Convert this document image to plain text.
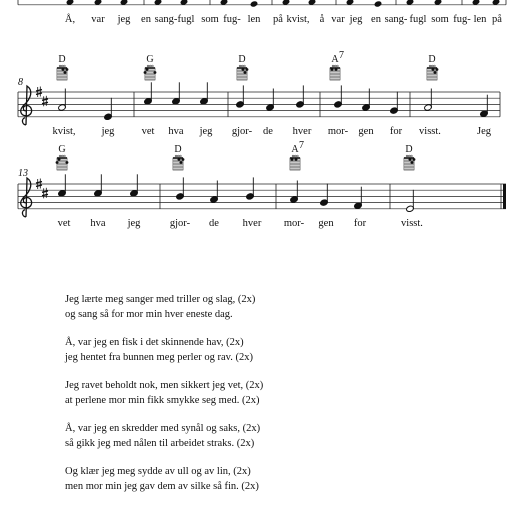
Å, var jeg en sang- fugl som fug- len på kvist, å var jeg en sang- fugl som fug- len på
8
D	G	D	A 7	D
kvist, jeg	vet hva jeg gjor- de hver mor- gen for visst.	Jeg
13
G	D	A 7	D
vet hva jeg	gjor- de hver mor- gen for	visst.
Jeg lærte meg sanger med triller og slag, (2x)
og sang så for mor min hver eneste dag.
Å, var jeg en fisk i det skinnende hav, (2x)
jeg hentet fra bunnen meg perler og rav. (2x)
Jeg ravet beholdt nok, men sikkert jeg vet, (2x)
at perlene mor min fikk smykke seg med. (2x)
Å, var jeg en skredder med synål og saks, (2x)
så gikk jeg med nålen til arbeidet straks. (2x)
Og klær jeg meg sydde av ull og av lin, (2x)
men mor min jeg gav dem av silke så fin. (2x)
